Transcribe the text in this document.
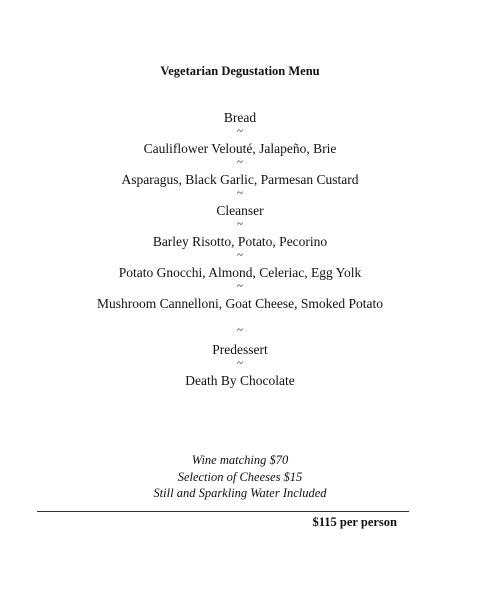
Vegetarian Degustation Menu
Bread
~
Cauliflower Velouté, Jalapeño, Brie
~
Asparagus, Black Garlic, Parmesan Custard
~
Cleanser
~
Barley Risotto, Potato, Pecorino
~
Potato Gnocchi, Almond, Celeriac, Egg Yolk
~
Mushroom Cannelloni, Goat Cheese, Smoked Potato
~
Predessert
~
Death By Chocolate
Wine matching $70
Selection of Cheeses $15
Still and Sparkling Water Included
$115 per person
